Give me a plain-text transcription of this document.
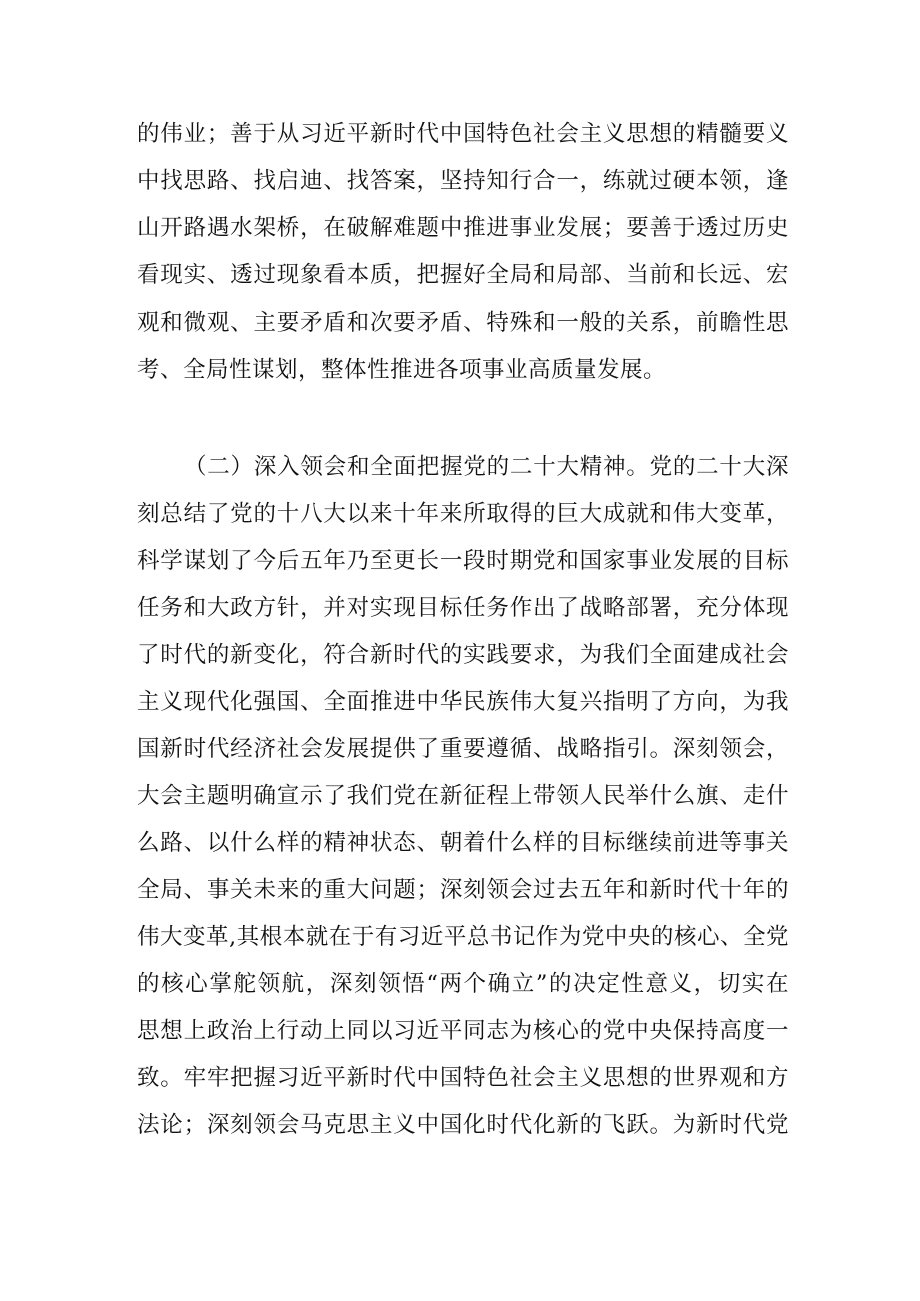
的伟业；善于从习近平新时代中国特色社会主义思想的精髓要义
中找思路、找启迪、找答案，坚持知行合一，练就过硬本领，逢
山开路遇水架桥，在破解难题中推进事业发展；要善于透过历史
看现实、透过现象看本质，把握好全局和局部、当前和长远、宏
观和微观、主要矛盾和次要矛盾、特殊和一般的关系，前瞻性思
考、全局性谋划，整体性推进各项事业高质量发展。
（二）深入领会和全面把握党的二十大精神。党的二十大深
刻总结了党的十八大以来十年来所取得的巨大成就和伟大变革，
科学谋划了今后五年乃至更长一段时期党和国家事业发展的目标
任务和大政方针，并对实现目标任务作出了战略部署，充分体现
了时代的新变化，符合新时代的实践要求，为我们全面建成社会
主义现代化强国、全面推进中华民族伟大复兴指明了方向，为我
国新时代经济社会发展提供了重要遵循、战略指引。深刻领会，
大会主题明确宣示了我们党在新征程上带领人民举什么旗、走什
么路、以什么样的精神状态、朝着什么样的目标继续前进等事关
全局、事关未来的重大问题；深刻领会过去五年和新时代十年的
伟大变革,其根本就在于有习近平总书记作为党中央的核心、全党
的核心掌舵领航，深刻领悟“两个确立”的决定性意义，切实在
思想上政治上行动上同以习近平同志为核心的党中央保持高度一
致。牢牢把握习近平新时代中国特色社会主义思想的世界观和方
法论；深刻领会马克思主义中国化时代化新的飞跃。为新时代党
